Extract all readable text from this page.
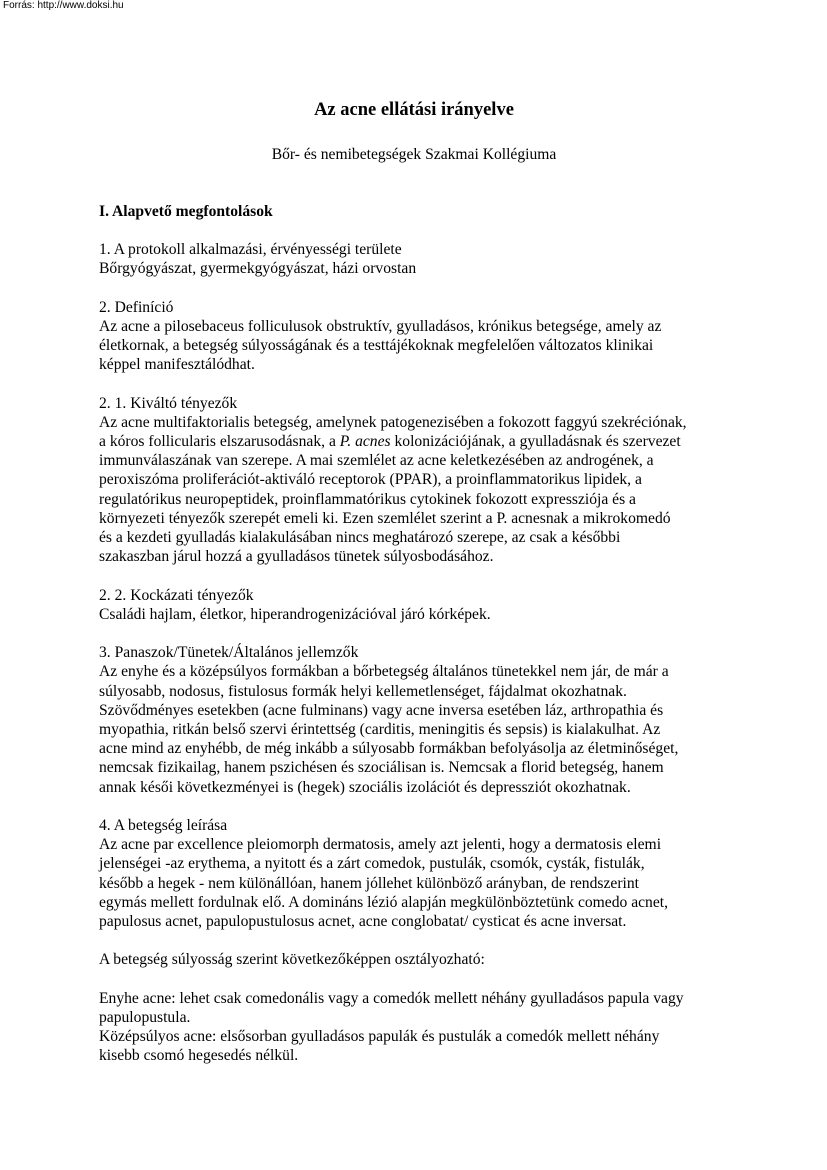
Forrás: http://www.doksi.hu
Az acne ellátási irányelve
Bőr- és nemibetegségek Szakmai Kollégiuma
I. Alapvető megfontolások
1. A protokoll alkalmazási, érvényességi területe
Bőrgyógyászat, gyermekgyógyászat, házi orvostan
2. Definíció
Az acne a pilosebaceus folliculusok obstruktív, gyulladásos, krónikus betegsége, amely az
életkornak, a betegség súlyosságának és a testtájékoknak megfelelően változatos klinikai
képpel manifesztálódhat.
2. 1. Kiváltó tényezők
Az acne multifaktorialis betegség, amelynek patogenezisében a fokozott faggyú szekréciónak,
a kóros follicularis elszarusodásnak, a P. acnes kolonizációjának, a gyulladásnak és szervezet
immunválaszának van szerepe. A mai szemlélet az acne keletkezésében az androgének, a
peroxiszóma proliferációt-aktiváló receptorok (PPAR), a proinflammatorikus lipidek, a
regulatórikus neuropeptidek, proinflammatórikus cytokinek fokozott expressziója és a
környezeti tényezők szerepét emeli ki. Ezen szemlélet szerint a P. acnesnak a mikrokomedó
és a kezdeti gyulladás kialakulásában nincs meghatározó szerepe, az csak a későbbi
szakaszban járul hozzá a gyulladásos tünetek súlyosbodásához.
2. 2. Kockázati tényezők
Családi hajlam, életkor, hiperandrogenizációval járó kórképek.
3. Panaszok/Tünetek/Általános jellemzők
Az enyhe és a középsúlyos formákban a bőrbetegség általános tünetekkel nem jár, de már a
súlyosabb, nodosus, fistulosus formák helyi kellemetlenséget, fájdalmat okozhatnak.
Szövődményes esetekben (acne fulminans) vagy acne inversa esetében láz, arthropathia és
myopathia, ritkán belső szervi érintettség (carditis, meningitis és sepsis) is kialakulhat. Az
acne mind az enyhébb, de még inkább a súlyosabb formákban befolyásolja az életminőséget,
nemcsak fizikailag, hanem pszichésen és szociálisan is. Nemcsak a florid betegség, hanem
annak késői következményei is (hegek) szociális izolációt és depressziót okozhatnak.
4. A betegség leírása
Az acne par excellence pleiomorph dermatosis, amely azt jelenti, hogy a dermatosis elemi
jelenségei -az erythema, a nyitott és a zárt comedok, pustulák, csomók, cysták, fistulák,
később a hegek - nem különállóan, hanem jóllehet különböző arányban, de rendszerint
egymás mellett fordulnak elő. A domináns lézió alapján megkülönböztetünk comedo acnet,
papulosus acnet, papulopustulosus acnet, acne conglobatat/ cysticat és acne inversat.
A betegség súlyosság szerint következőképpen osztályozható:
Enyhe acne: lehet csak comedonális vagy a comedók mellett néhány gyulladásos papula vagy
papulopustula.
Középsúlyos acne: elsősorban gyulladásos papulák és pustulák a comedók mellett néhány
kisebb csomó hegesedés nélkül.
